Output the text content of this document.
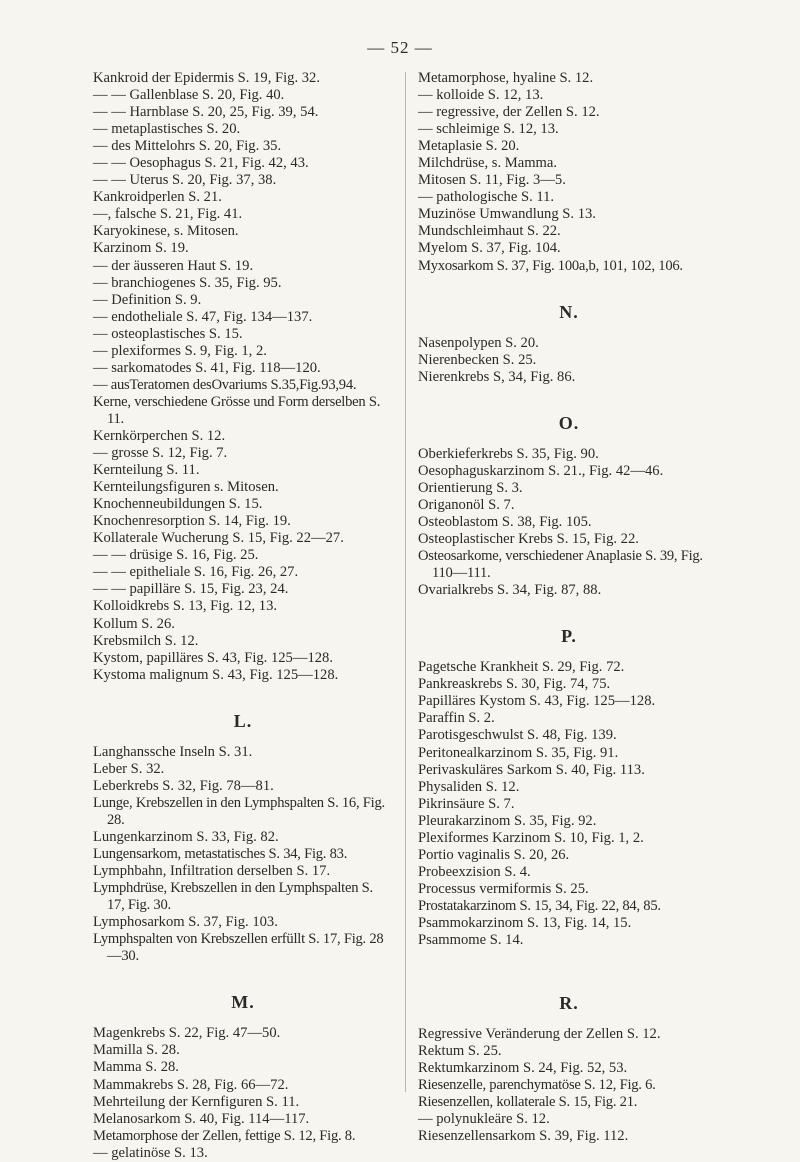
— 52 —
Kankroid der Epidermis S. 19, Fig. 32.
— — Gallenblase S. 20, Fig. 40.
— — Harnblase S. 20, 25, Fig. 39, 54.
— metaplastisches S. 20.
— des Mittelohrs S. 20, Fig. 35.
— — Oesophagus S. 21, Fig. 42, 43.
— — Uterus S. 20, Fig. 37, 38.
Kankroidperlen S. 21.
—, falsche S. 21, Fig. 41.
Karyokinese, s. Mitosen.
Karzinom S. 19.
— der äusseren Haut S. 19.
— branchiogenes S. 35, Fig. 95.
— Definition S. 9.
— endotheliale S. 47, Fig. 134—137.
— osteoplastisches S. 15.
— plexiformes S. 9, Fig. 1, 2.
— sarkomatodes S. 41, Fig. 118—120.
— ausTeratomen desOvariums S.35,Fig.93,94.
Kerne, verschiedene Grösse und Form derselben S. 11.
Kernkörperchen S. 12.
— grosse S. 12, Fig. 7.
Kernteilung S. 11.
Kernteilungsfiguren s. Mitosen.
Knochenneubildungen S. 15.
Knochenresorption S. 14, Fig. 19.
Kollaterale Wucherung S. 15, Fig. 22—27.
— — drüsige S. 16, Fig. 25.
— — epitheliale S. 16, Fig. 26, 27.
— — papilläre S. 15, Fig. 23, 24.
Kolloidkrebs S. 13, Fig. 12, 13.
Kollum S. 26.
Krebsmilch S. 12.
Kystom, papilläres S. 43, Fig. 125—128.
Kystoma malignum S. 43, Fig. 125—128.
L.
Langhanssche Inseln S. 31.
Leber S. 32.
Leberkrebs S. 32, Fig. 78—81.
Lunge, Krebszellen in den Lymphspalten S. 16, Fig. 28.
Lungenkarzinom S. 33, Fig. 82.
Lungensarkom, metastatisches S. 34, Fig. 83.
Lymphbahn, Infiltration derselben S. 17.
Lymphdrüse, Krebszellen in den Lymphspalten S. 17, Fig. 30.
Lymphosarkom S. 37, Fig. 103.
Lymphspalten von Krebszellen erfüllt S. 17, Fig. 28—30.
M.
Magenkrebs S. 22, Fig. 47—50.
Mamilla S. 28.
Mamma S. 28.
Mammakrebs S. 28, Fig. 66—72.
Mehrteilung der Kernfiguren S. 11.
Melanosarkom S. 40, Fig. 114—117.
Metamorphose der Zellen, fettige S. 12, Fig. 8.
— gelatinöse S. 13.
Metamorphose, hyaline S. 12.
— kolloide S. 12, 13.
— regressive, der Zellen S. 12.
— schleimige S. 12, 13.
Metaplasie S. 20.
Milchdrüse, s. Mamma.
Mitosen S. 11, Fig. 3—5.
— pathologische S. 11.
Muzinöse Umwandlung S. 13.
Mundschleimhaut S. 22.
Myelom S. 37, Fig. 104.
Myxosarkom S. 37, Fig. 100a,b, 101, 102, 106.
N.
Nasenpolypen S. 20.
Nierenbecken S. 25.
Nierenkrebs S, 34, Fig. 86.
O.
Oberkieferkrebs S. 35, Fig. 90.
Oesophaguskarzinom S. 21., Fig. 42—46.
Orientierung S. 3.
Origanonöl S. 7.
Osteoblastom S. 38, Fig. 105.
Osteoplastischer Krebs S. 15, Fig. 22.
Osteosarkome, verschiedener Anaplasie S. 39, Fig. 110—111.
Ovarialkrebs S. 34, Fig. 87, 88.
P.
Pagetsche Krankheit S. 29, Fig. 72.
Pankreaskrebs S. 30, Fig. 74, 75.
Papilläres Kystom S. 43, Fig. 125—128.
Paraffin S. 2.
Parotisgeschwulst S. 48, Fig. 139.
Peritonealkarzinom S. 35, Fig. 91.
Perivaskuläres Sarkom S. 40, Fig. 113.
Physaliden S. 12.
Pikrinsäure S. 7.
Pleurakarzinom S. 35, Fig. 92.
Plexiformes Karzinom S. 10, Fig. 1, 2.
Portio vaginalis S. 20, 26.
Probeexzision S. 4.
Processus vermiformis S. 25.
Prostatakarzinom S. 15, 34, Fig. 22, 84, 85.
Psammokarzinom S. 13, Fig. 14, 15.
Psammome S. 14.
R.
Regressive Veränderung der Zellen S. 12.
Rektum S. 25.
Rektumkarzinom S. 24, Fig. 52, 53.
Riesenzelle, parenchymatöse S. 12, Fig. 6.
Riesenzellen, kollaterale S. 15, Fig. 21.
— polynukleäre S. 12.
Riesenzellensarkom S. 39, Fig. 112.
